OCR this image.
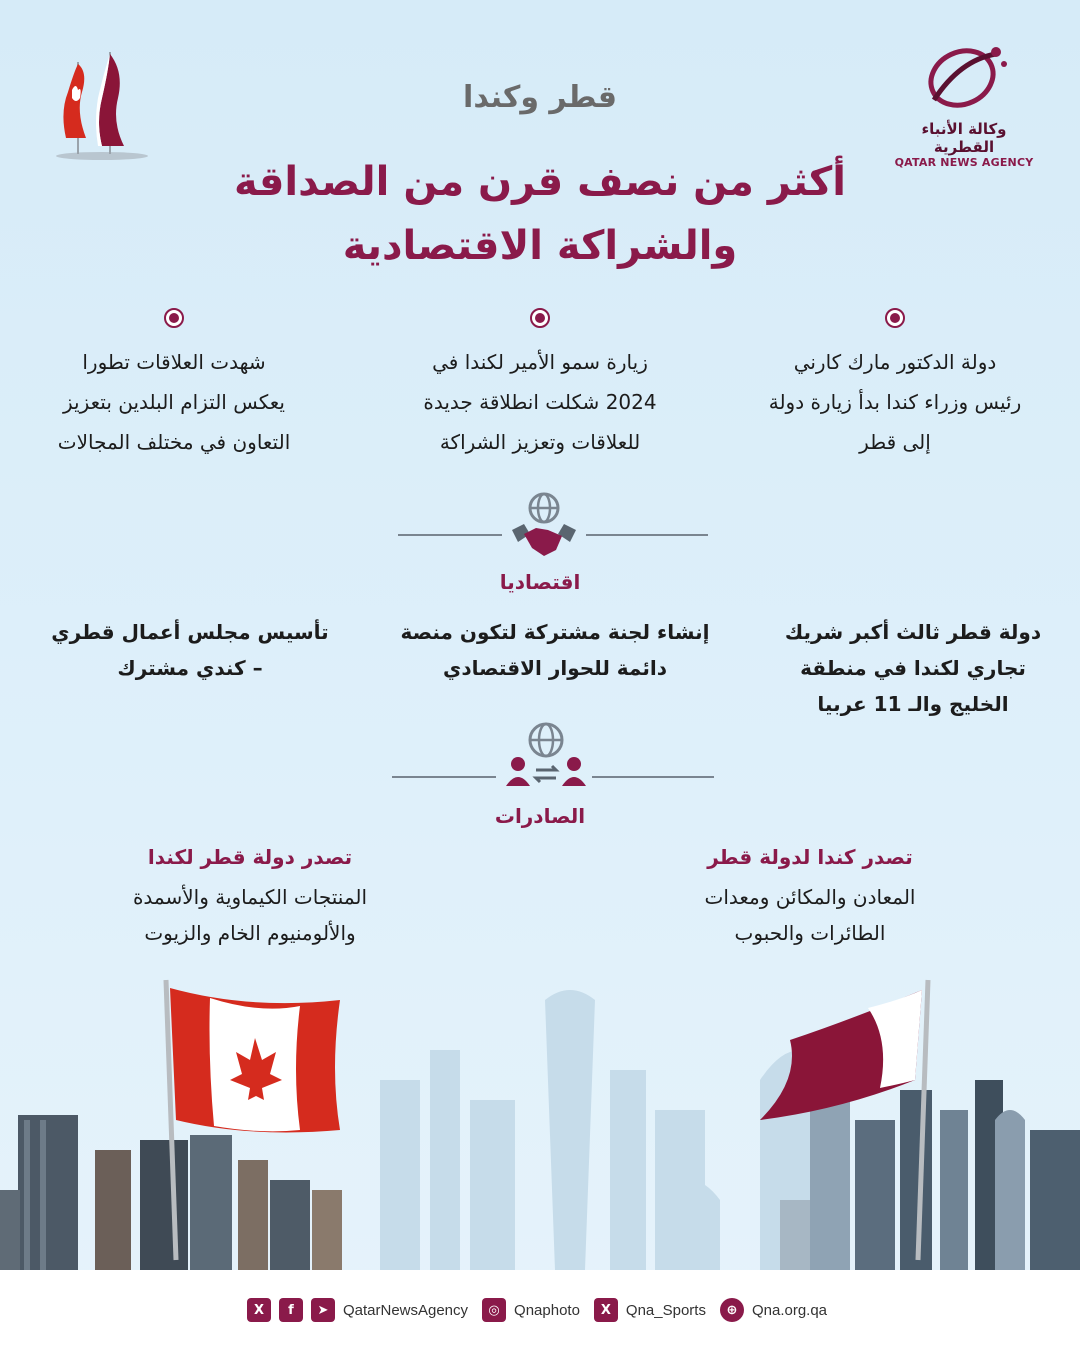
وكالة الأنباء القطرية
QATAR NEWS AGENCY
قطر وكندا
أكثر من نصف قرن من الصداقة
والشراكة الاقتصادية
دولة الدكتور مارك كارني
رئيس وزراء كندا بدأ زيارة دولة
إلى قطر
زيارة سمو الأمير لكندا في
2024 شكلت انطلاقة جديدة
للعلاقات وتعزيز الشراكة
شهدت العلاقات تطورا
يعكس التزام البلدين بتعزيز
التعاون في مختلف المجالات
اقتصاديا
دولة قطر ثالث أكبر شريك
تجاري لكندا في منطقة
الخليج والـ 11 عربيا
إنشاء لجنة مشتركة لتكون منصة
دائمة للحوار الاقتصادي
تأسيس مجلس أعمال قطري
– كندي مشترك
الصادرات
تصدر كندا لدولة قطر
المعادن والمكائن ومعدات
الطائرات والحبوب
تصدر دولة قطر لكندا
المنتجات الكيماوية والأسمدة
والألومنيوم الخام والزيوت
X	f	➤ QatarNewsAgency	◎ Qnaphoto	X Qna_Sports	⊕ Qna.org.qa
